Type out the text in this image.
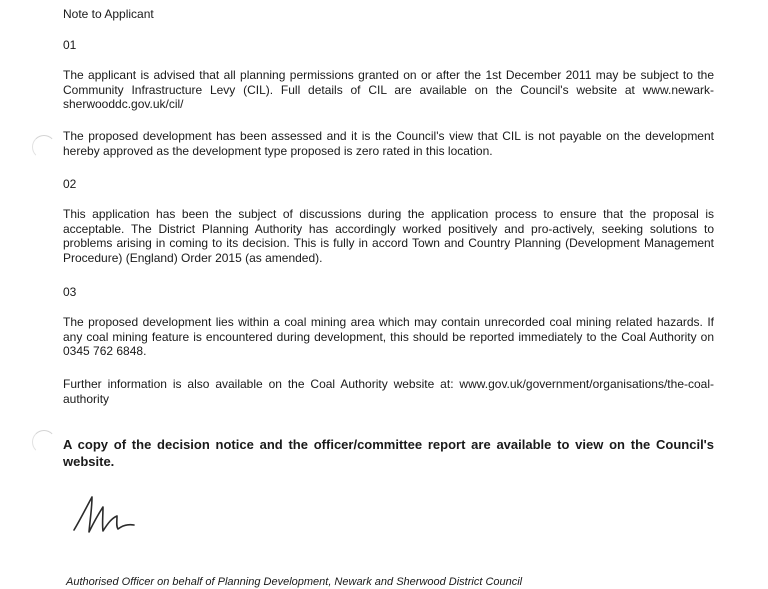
Note to Applicant

01

The applicant is advised that all planning permissions granted on or after the 1st December 2011 may be subject to the Community Infrastructure Levy (CIL). Full details of CIL are available on the Council's website at www.newark-sherwooddc.gov.uk/cil/

The proposed development has been assessed and it is the Council's view that CIL is not payable on the development hereby approved as the development type proposed is zero rated in this location.

02

This application has been the subject of discussions during the application process to ensure that the proposal is acceptable. The District Planning Authority has accordingly worked positively and pro-actively, seeking solutions to problems arising in coming to its decision. This is fully in accord Town and Country Planning (Development Management Procedure) (England) Order 2015 (as amended).

03

The proposed development lies within a coal mining area which may contain unrecorded coal mining related hazards. If any coal mining feature is encountered during development, this should be reported immediately to the Coal Authority on 0345 762 6848.

Further information is also available on the Coal Authority website at: www.gov.uk/government/organisations/the-coal-authority

A copy of the decision notice and the officer/committee report are available to view on the Council's website.

Authorised Officer on behalf of Planning Development, Newark and Sherwood District Council
